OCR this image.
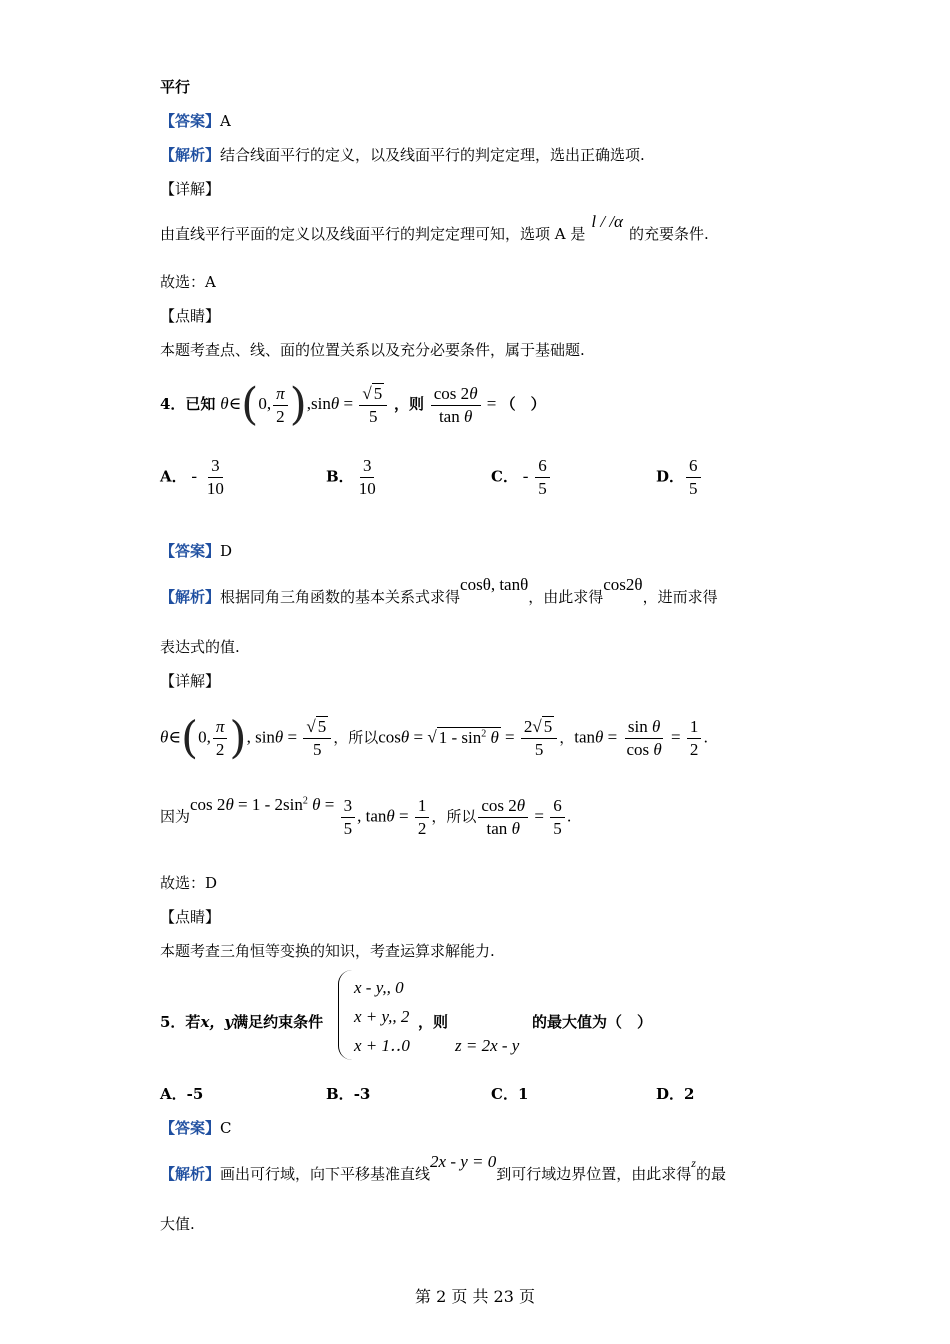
平行
【答案】A
【解析】结合线面平行的定义，以及线面平行的判定定理，选出正确选项.
【详解】
由直线平行平面的定义以及线面平行的判定定理可知，选项 A 是l / /α的充要条件.
故选：A
【点睛】
本题考查点、线、面的位置关系以及充分必要条件，属于基础题.
4．已知 θ∈(0, $\frac{\pi}{2} ),\sin\theta = \frac{√ 5}{5}$ ，则 $\frac{\cos 2\theta}{\text{tan θ}}$ = （　）
A． - $\frac{3}{10}$	B． $\frac{3}{10}$	C． - $\frac{6}{5}$	D． $\frac{6}{5}$
【答案】D
【解析】根据同角三角函数的基本关系式求得cosθ, tanθ，由此求得cos2θ，进而求得
表达式的值.
【详解】
θ∈(0, $\frac{\pi}{2}$ ), $\sin\theta = \frac{√ 5}{5}$ ，所以cosθ = √ $1 - \sin^2 \theta = \frac{2√ 5}{5}$ ，$\tan\theta = \frac{\text{sin θ}}{\text{cos θ}} = \frac{1}{2}$ .
因为$\cos 2\theta = 1 - 2\sin^2$ $\theta = \frac{3}{5}$ , $\tan\theta = \frac{1}{2}$ ，所以 $\frac{\cos 2\theta}{\text{tan θ}} = \frac{6}{5}$ .
故选：D
【点睛】
本题考查三角恒等变换的知识，考查运算求解能力.
5．若x，y满足约束条件
x - y,, 0
x + y,, 2
x + 1‥0
，则
z = 2x - y
的最大值为（　）
A．-5	B．-3	C．1	D．2
【答案】C
【解析】画出可行域，向下平移基准直线2x - y = 0到可行域边界位置，由此求得$^z$的最
大值.
第 2 页 共 23 页
